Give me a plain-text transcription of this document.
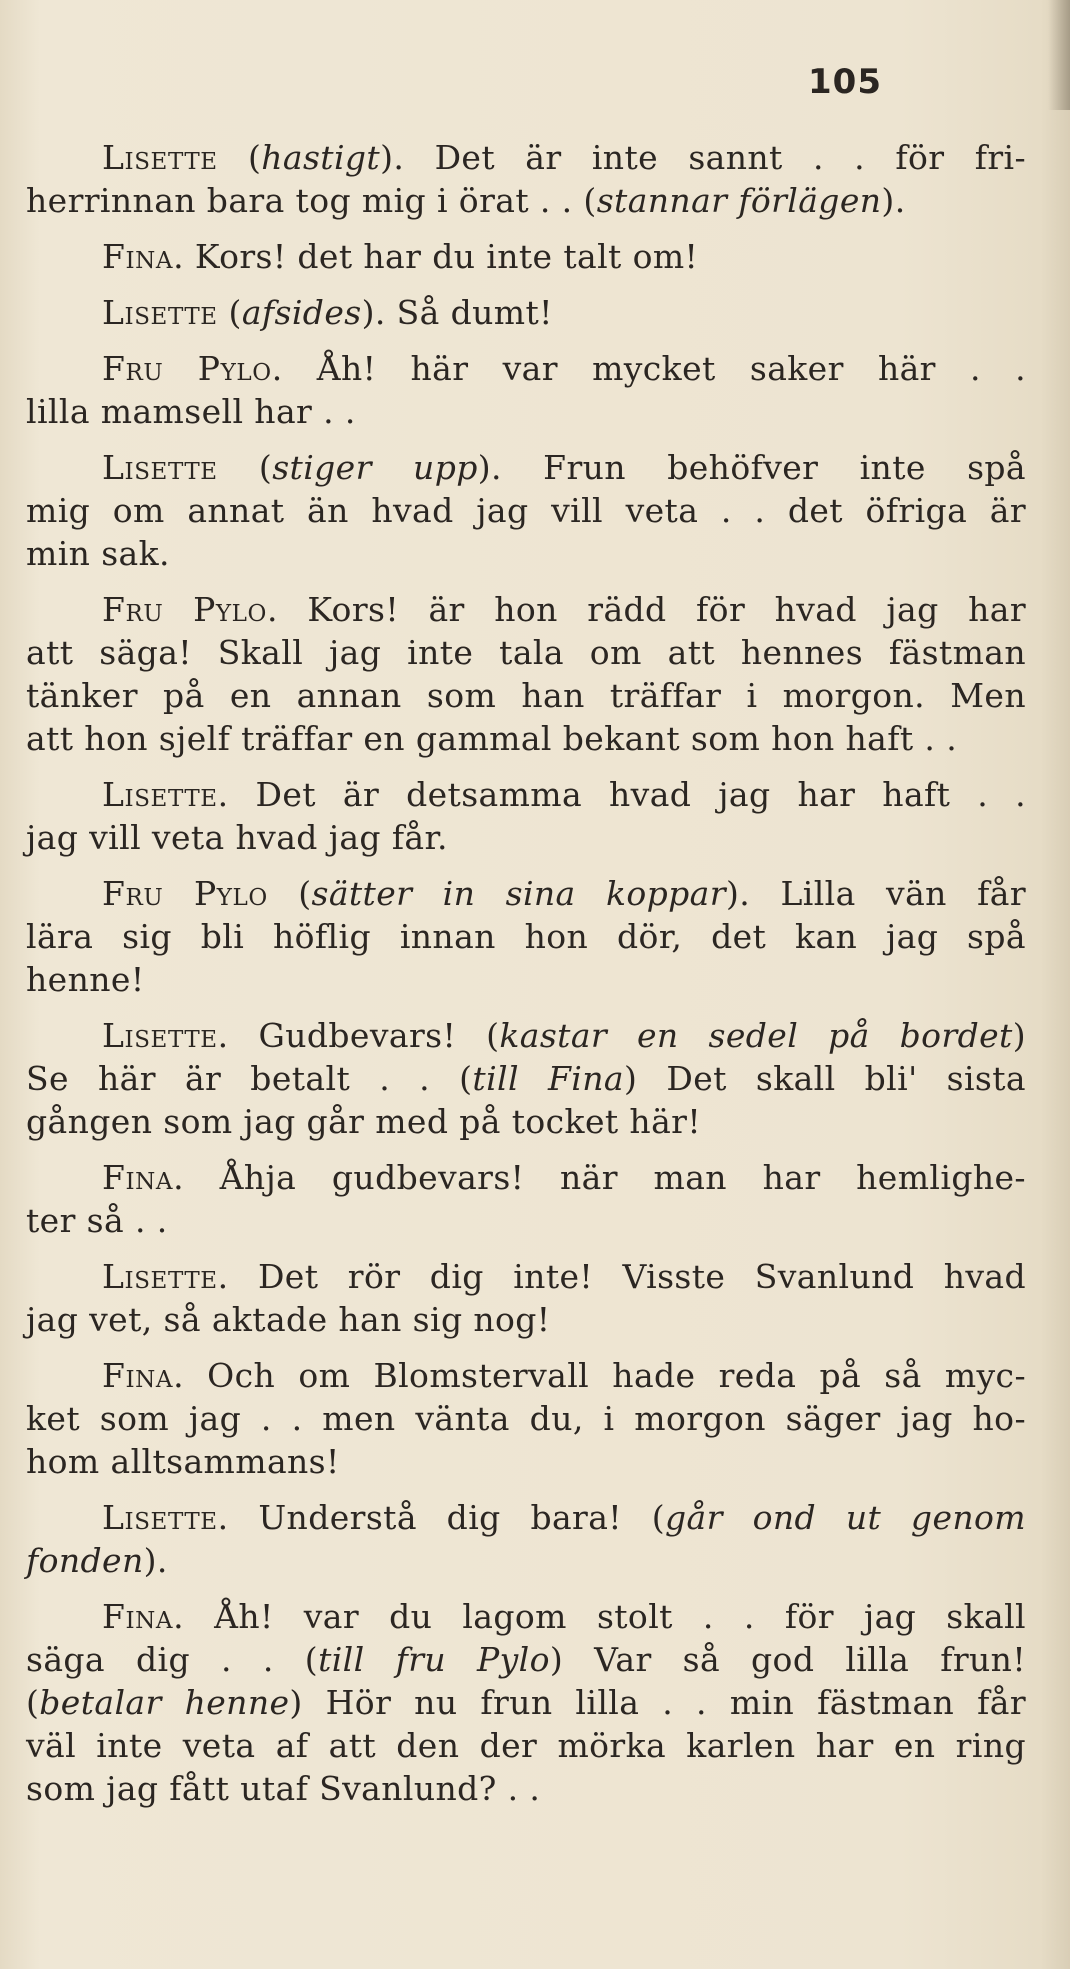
105
Lisette (hastigt). Det är inte sannt . . för fri-
herrinnan bara tog mig i örat . . (stannar förlägen).
Fina. Kors! det har du inte talt om!
Lisette (afsides). Så dumt!
Fru Pylo. Åh! här var mycket saker här . .
lilla mamsell har . .
Lisette (stiger upp). Frun behöfver inte spå
mig om annat än hvad jag vill veta . . det öfriga är
min sak.
Fru Pylo. Kors! är hon rädd för hvad jag har
att säga! Skall jag inte tala om att hennes fästman
tänker på en annan som han träffar i morgon. Men
att hon sjelf träffar en gammal bekant som hon haft . .
Lisette. Det är detsamma hvad jag har haft . .
jag vill veta hvad jag får.
Fru Pylo (sätter in sina koppar). Lilla vän får
lära sig bli höflig innan hon dör, det kan jag spå
henne!
Lisette. Gudbevars! (kastar en sedel på bordet)
Se här är betalt . . (till Fina) Det skall bli' sista
gången som jag går med på tocket här!
Fina. Åhja gudbevars! när man har hemlighe-
ter så . .
Lisette. Det rör dig inte! Visste Svanlund hvad
jag vet, så aktade han sig nog!
Fina. Och om Blomstervall hade reda på så myc-
ket som jag . . men vänta du, i morgon säger jag ho-
hom alltsammans!
Lisette. Understå dig bara! (går ond ut genom
fonden).
Fina. Åh! var du lagom stolt . . för jag skall
säga dig . . (till fru Pylo) Var så god lilla frun!
(betalar henne) Hör nu frun lilla . . min fästman får
väl inte veta af att den der mörka karlen har en ring
som jag fått utaf Svanlund? . .
